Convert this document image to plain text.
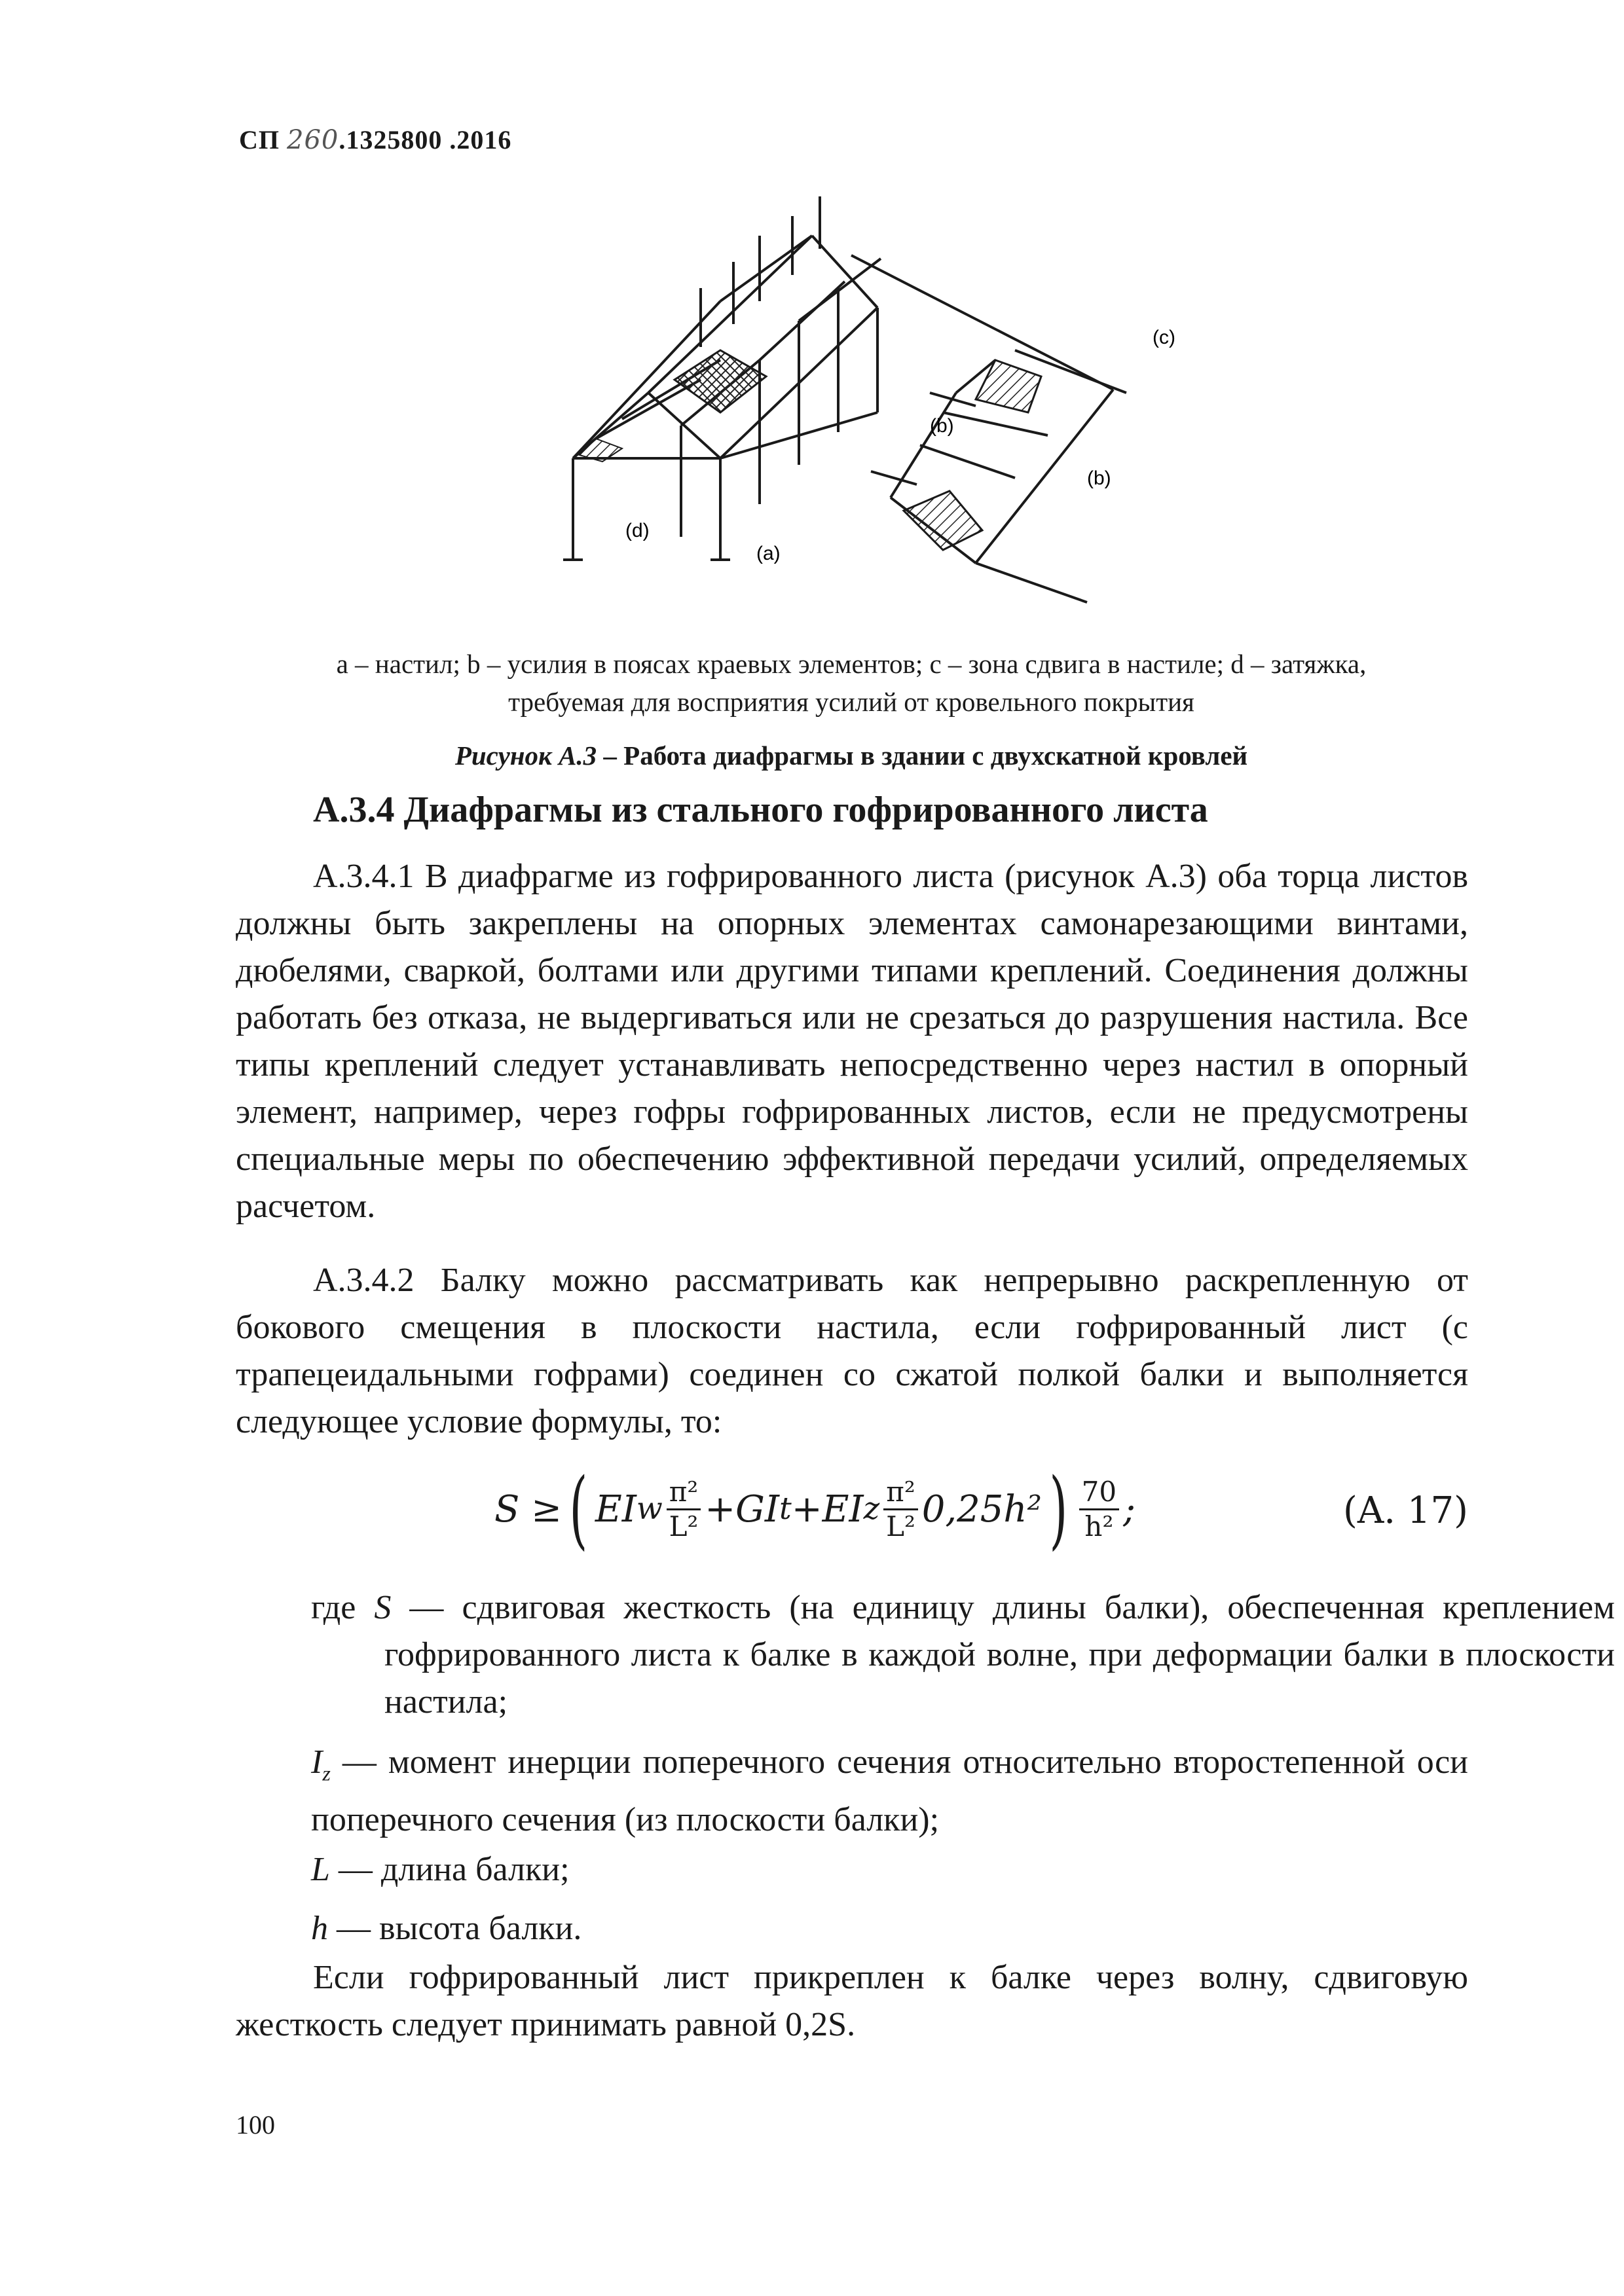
СП 260.1325800 .2016
(c)
(b)
(b)
(d)
(a)
а – настил; b – усилия в поясах краевых элементов; с – зона сдвига в настиле; d – затяжка,
требуемая для восприятия усилий от кровельного покрытия
Рисунок А.3 – Работа диафрагмы в здании с двухскатной кровлей
А.3.4 Диафрагмы из стального гофрированного листа
А.3.4.1 В диафрагме из гофрированного листа (рисунок А.3) оба торца листов должны быть закреплены на опорных элементах самонарезающими винтами, дюбелями, сваркой, болтами или другими типами креплений. Соединения должны работать без отказа, не выдергиваться или не срезаться до разрушения настила. Все типы креплений следует устанавливать непосредственно через настил в опорный элемент, например, через гофры гофрированных листов, если не предусмотрены специальные меры по обеспечению эффективной передачи усилий, определяемых расчетом.
А.3.4.2 Балку можно рассматривать как непрерывно раскрепленную от бокового смещения в плоскости настила, если гофрированный лист (с трапецеидальными гофрами) соединен со сжатой полкой балки и выполняется следующее условие формулы, то:
S ≥ ( EI w $\frac{\text{π²}}{\text{L²}}$ + GI t + EI z $\frac{\text{π²}}{\text{L²}} 0,25h^2$ ) $\frac{70}{\text{h²}}$ ;	(A. 17)
где S — сдвиговая жесткость (на единицу длины балки), обеспеченная креплением гофрированного листа к балке в каждой волне, при деформации балки в плоскости настила;
$I_z$ — момент инерции поперечного сечения относительно второстепенной оси поперечного сечения (из плоскости балки);
L — длина балки;
h — высота балки.
Если гофрированный лист прикреплен к балке через волну, сдвиговую жесткость следует принимать равной 0,2S.
100
